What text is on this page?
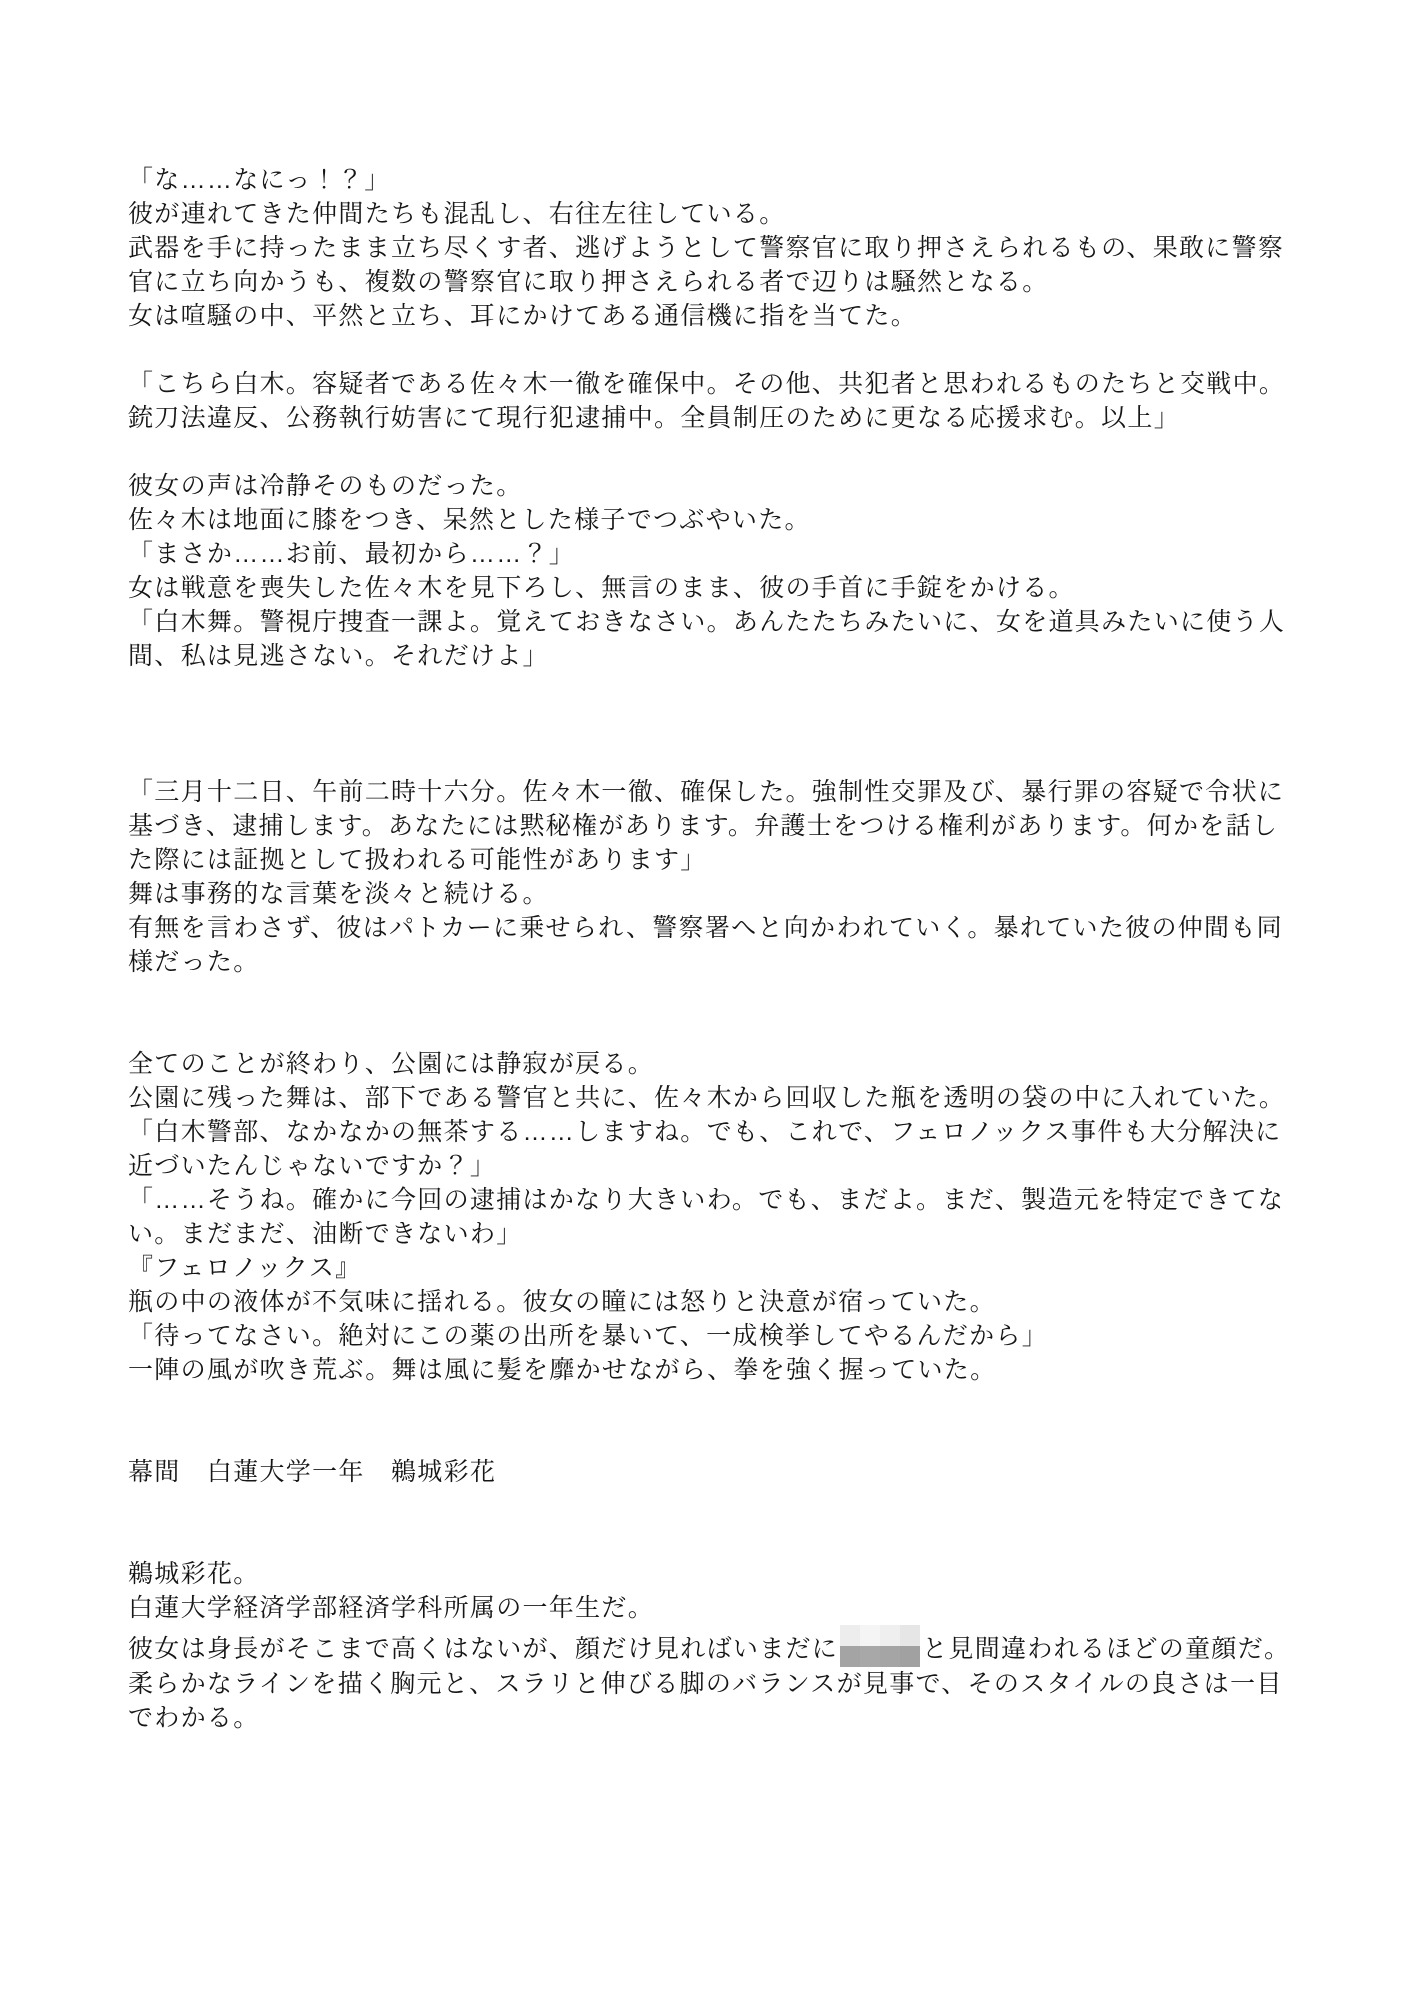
「な……なにっ！？」
彼が連れてきた仲間たちも混乱し、右往左往している。
武器を手に持ったまま立ち尽くす者、逃げようとして警察官に取り押さえられるもの、果敢に警察官に立ち向かうも、複数の警察官に取り押さえられる者で辺りは騒然となる。
女は喧騒の中、平然と立ち、耳にかけてある通信機に指を当てた。
「こちら白木。容疑者である佐々木一徹を確保中。その他、共犯者と思われるものたちと交戦中。銃刀法違反、公務執行妨害にて現行犯逮捕中。全員制圧のために更なる応援求む。以上」
彼女の声は冷静そのものだった。
佐々木は地面に膝をつき、呆然とした様子でつぶやいた。
「まさか……お前、最初から……？」
女は戦意を喪失した佐々木を見下ろし、無言のまま、彼の手首に手錠をかける。
「白木舞。警視庁捜査一課よ。覚えておきなさい。あんたたちみたいに、女を道具みたいに使う人間、私は見逃さない。それだけよ」
「三月十二日、午前二時十六分。佐々木一徹、確保した。強制性交罪及び、暴行罪の容疑で令状に基づき、逮捕します。あなたには黙秘権があります。弁護士をつける権利があります。何かを話した際には証拠として扱われる可能性があります」
舞は事務的な言葉を淡々と続ける。
有無を言わさず、彼はパトカーに乗せられ、警察署へと向かわれていく。暴れていた彼の仲間も同様だった。
全てのことが終わり、公園には静寂が戻る。
公園に残った舞は、部下である警官と共に、佐々木から回収した瓶を透明の袋の中に入れていた。
「白木警部、なかなかの無茶する……しますね。でも、これで、フェロノックス事件も大分解決に近づいたんじゃないですか？」
「……そうね。確かに今回の逮捕はかなり大きいわ。でも、まだよ。まだ、製造元を特定できてない。まだまだ、油断できないわ」
『フェロノックス』
瓶の中の液体が不気味に揺れる。彼女の瞳には怒りと決意が宿っていた。
「待ってなさい。絶対にこの薬の出所を暴いて、一成検挙してやるんだから」
一陣の風が吹き荒ぶ。舞は風に髪を靡かせながら、拳を強く握っていた。
幕間　白蓮大学一年　鵜城彩花
鵜城彩花。
白蓮大学経済学部経済学科所属の一年生だ。
彼女は身長がそこまで高くはないが、顔だけ見ればいまだに	と見間違われるほどの童顔だ。
柔らかなラインを描く胸元と、スラリと伸びる脚のバランスが見事で、そのスタイルの良さは一目でわかる。
